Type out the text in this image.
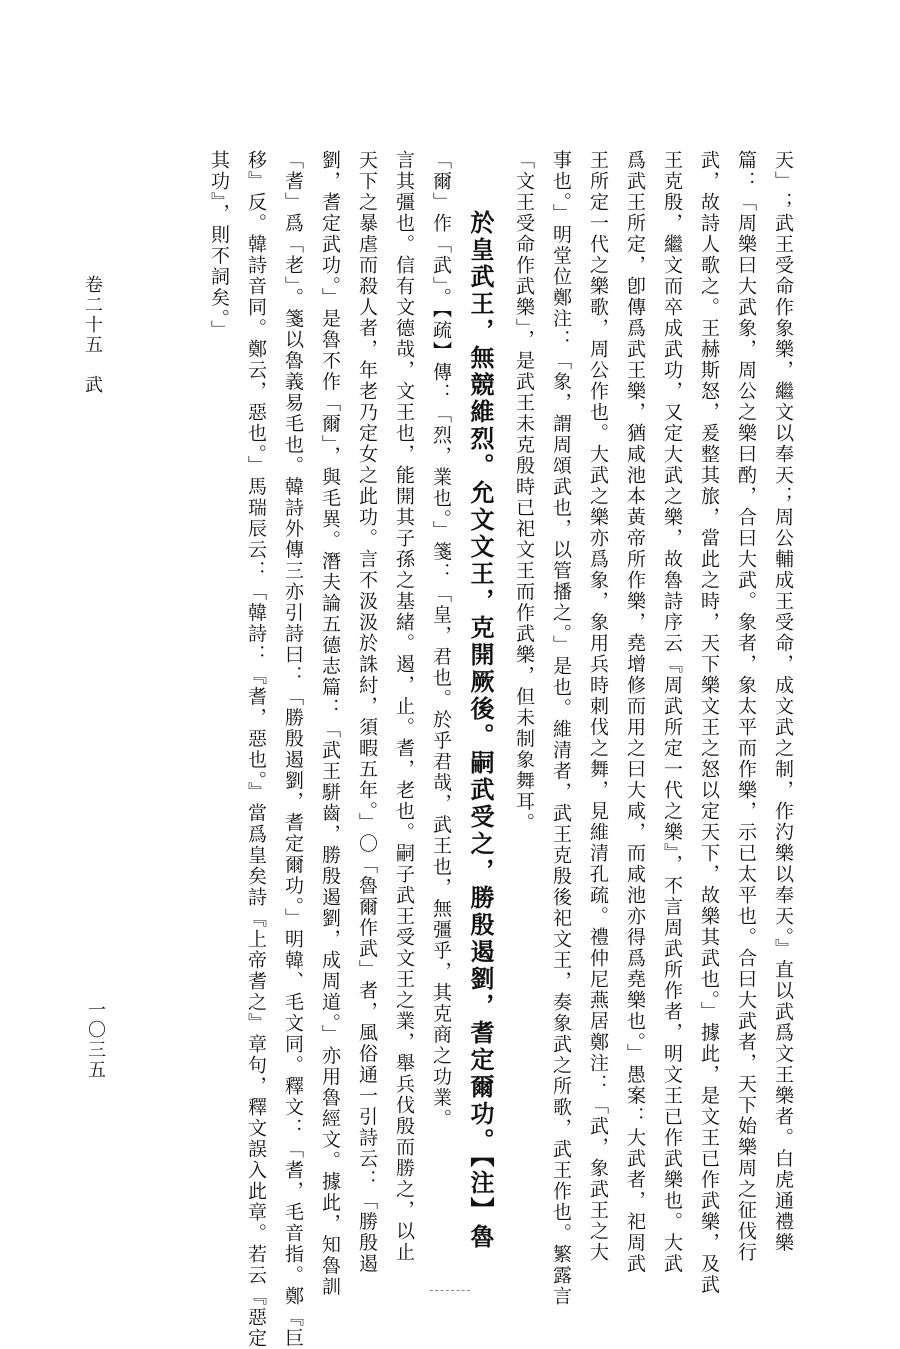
一〇三五
卷二十五　武	天」；武王受命作象樂，繼文以奉天；周公輔成王受命，成文武之制，作汋樂以奉天。』直以武爲文王樂者。白虎通禮樂
篇：「周樂曰大武象，周公之樂曰酌，合曰大武。象者，象太平而作樂，示已太平也。合曰大武者，天下始樂周之征伐行
武，故詩人歌之。王赫斯怒，爰整其旅，當此之時，天下樂文王之怒以定天下，故樂其武也。」據此，是文王已作武樂，及武
王克殷，繼文而卒成武功，又定大武之樂，故魯詩序云『周武所定一代之樂』，不言周武所作者，明文王已作武樂也。大武
爲武王所定，卽傳爲武王樂，猶咸池本黃帝所作樂，堯增修而用之曰大咸，而咸池亦得爲堯樂也。」愚案：大武者，祀周武
王所定一代之樂歌，周公作也。大武之樂亦爲象，象用兵時刺伐之舞，見維清孔疏。禮仲尼燕居鄭注：「武，象武王之大
事也。」明堂位鄭注：「象，謂周頌武也，以管播之。」是也。維清者，武王克殷後祀文王，奏象武之所歌，武王作也。繁露言
「文王受命作武樂」，是武王未克殷時已祀文王而作武樂，但未制象舞耳。
於皇武王，無競維烈。允文文王，克開厥後。嗣武受之，勝殷遏劉，耆定爾功。【注】魯
「爾」作「武」。【疏】傳：「烈，業也。」箋：「皇，君也。於乎君哉，武王也，無彊乎，其克商之功業。
言其彊也。信有文德哉，文王也，能開其子孫之基緒。遏，止。耆，老也。嗣子武王受文王之業，舉兵伐殷而勝之，以止
天下之暴虐而殺人者，年老乃定女之此功。言不汲汲於誅紂，須暇五年。」〇「魯爾作武」者，風俗通一引詩云：「勝殷遏
劉，耆定武功。」是魯不作「爾」，與毛異。潛夫論五德志篇：「武王駢齒，勝殷遏劉，成周道。」亦用魯經文。據此，知魯訓
「耆」爲「老」。箋以魯義易毛也。韓詩外傳三亦引詩曰：「勝殷遏劉，耆定爾功。」明韓、毛文同。釋文：「耆，毛音指。鄭『巨
移』反。韓詩音同。鄭云，惡也。」馬瑞辰云：「韓詩：『耆，惡也。』當爲皇矣詩『上帝耆之』章句，釋文誤入此章。若云『惡定
其功』，則不詞矣。」
